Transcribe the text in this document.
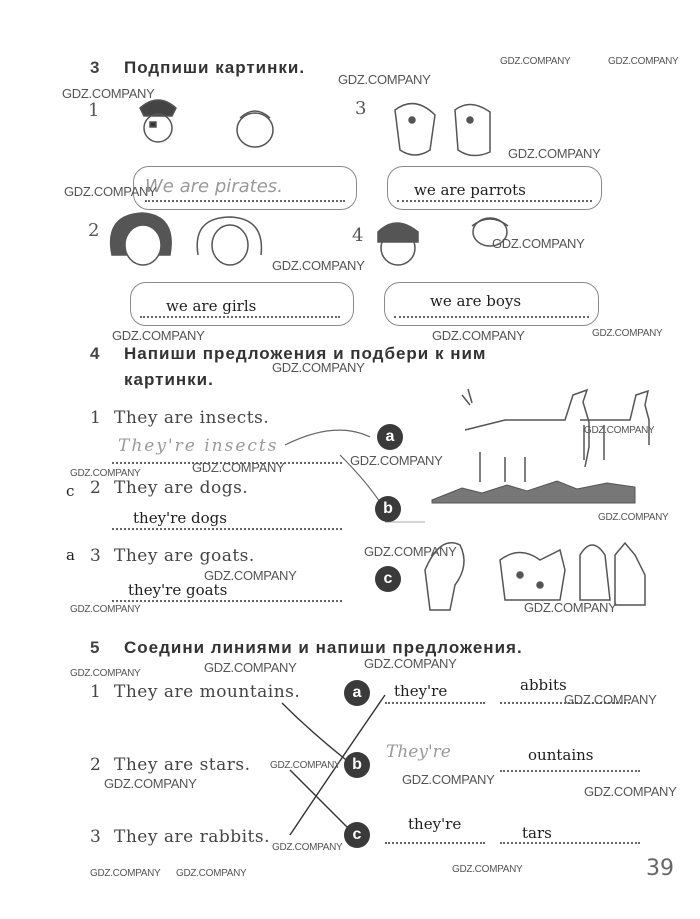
3 Подпиши картинки.
1	3
2	4
We are pirates.	we are parrots
we are girls	we are boys
4 Напиши предложения и подбери к ним
картинки.
1 They are insects.
They're insects
c 2 They are dogs.
they're dogs
a 3 They are goats.
they're goats
a
b
c
5 Соедини линиями и напиши предложения.
1 They are mountains.
2 They are stars.
3 They are rabbits.
a
b
c
they're	abbits
They're	ountains
they're	tars
39
GDZ.COMPANY
GDZ.COMPANY	GDZ.COMPANY
GDZ.COMPANY
GDZ.COMPANY
GDZ.COMPANY
GDZ.COMPANY
GDZ.COMPANY
GDZ.COMPANY	GDZ.COMPANY	GDZ.COMPANY
GDZ.COMPANY
GDZ.COMPANY
GDZ.COMPANY
GDZ.COMPANY
GDZ.COMPANY
GDZ.COMPANY
GDZ.COMPANY
GDZ.COMPANY
GDZ.COMPANY	GDZ.COMPANY
GDZ.COMPANY
GDZ.COMPANY
GDZ.COMPANY
GDZ.COMPANY
GDZ.COMPANY
GDZ.COMPANY
GDZ.COMPANY
GDZ.COMPANY
GDZ.COMPANY
GDZ.COMPANY
GDZ.COMPANY GDZ.COMPANY
